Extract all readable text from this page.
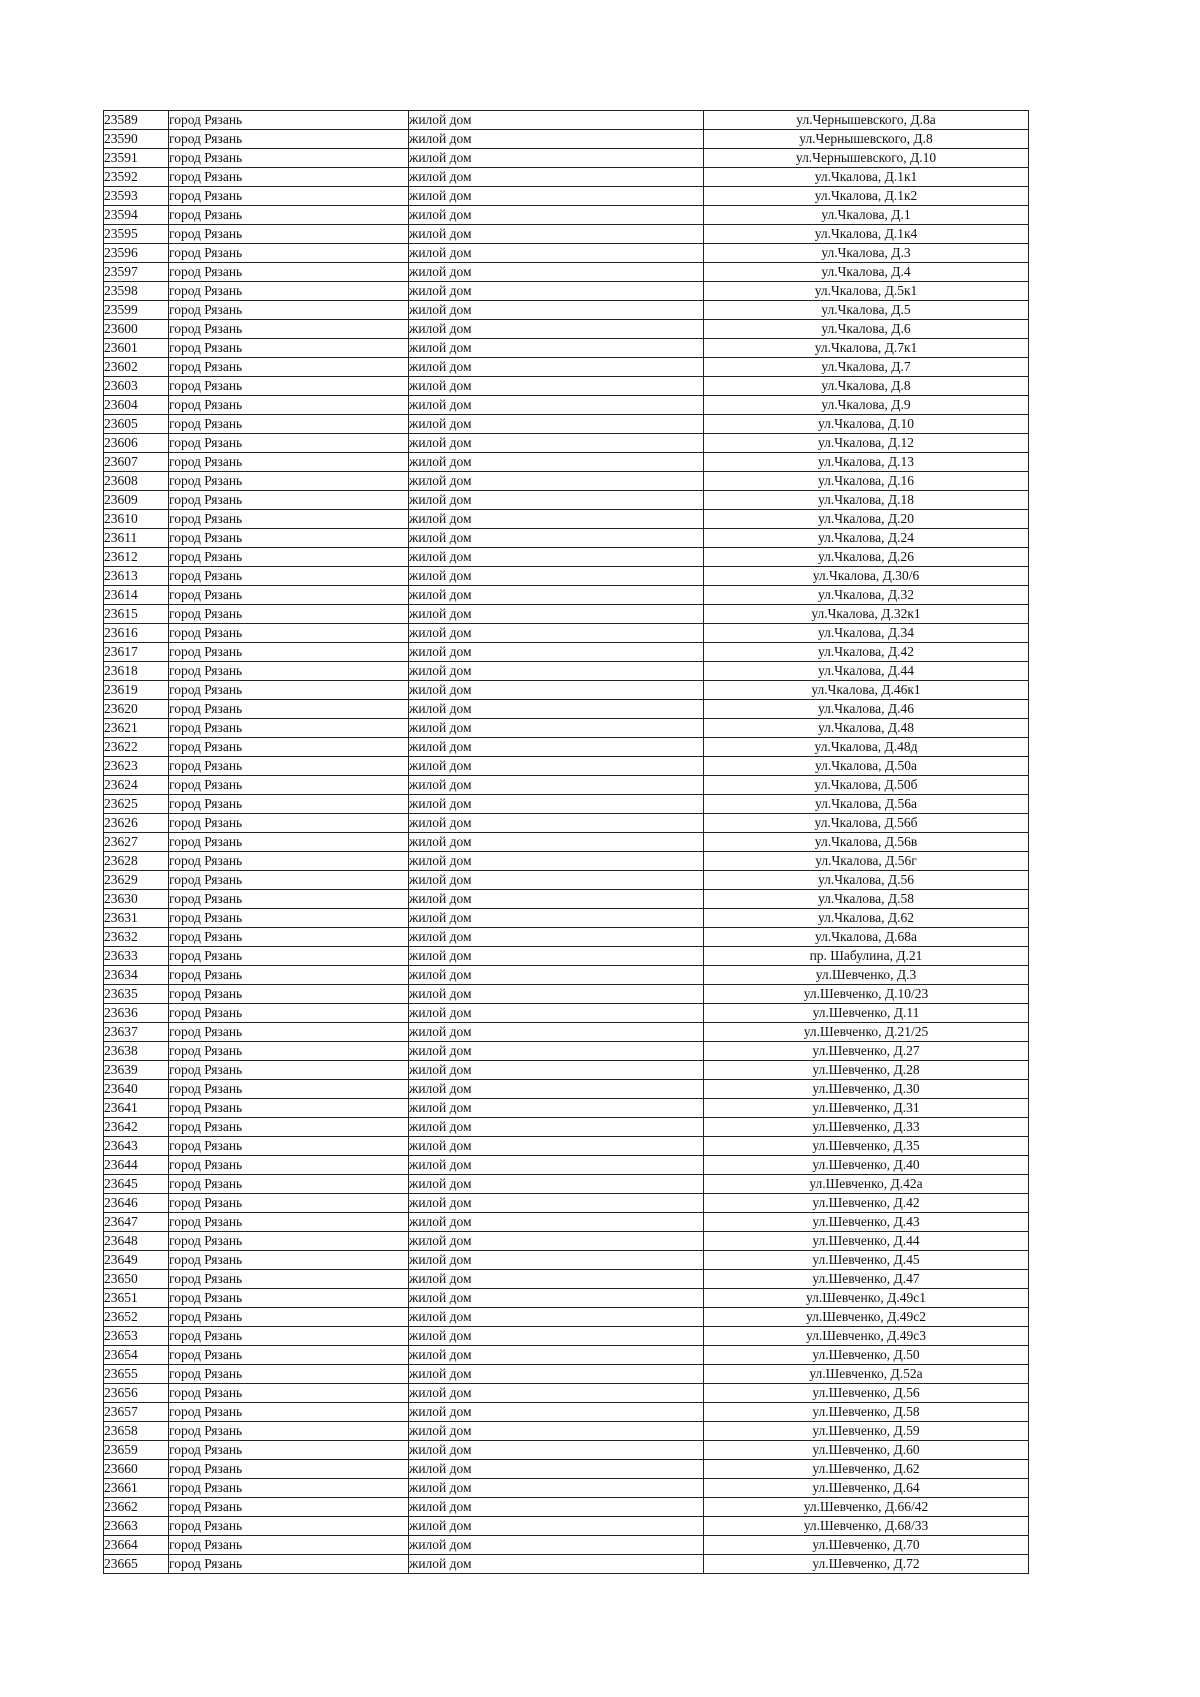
23589	город Рязань	жилой дом	ул.Чернышевского, Д.8а
23590	город Рязань	жилой дом	ул.Чернышевского, Д.8
23591	город Рязань	жилой дом	ул.Чернышевского, Д.10
23592	город Рязань	жилой дом	ул.Чкалова, Д.1к1
23593	город Рязань	жилой дом	ул.Чкалова, Д.1к2
23594	город Рязань	жилой дом	ул.Чкалова, Д.1
23595	город Рязань	жилой дом	ул.Чкалова, Д.1к4
23596	город Рязань	жилой дом	ул.Чкалова, Д.3
23597	город Рязань	жилой дом	ул.Чкалова, Д.4
23598	город Рязань	жилой дом	ул.Чкалова, Д.5к1
23599	город Рязань	жилой дом	ул.Чкалова, Д.5
23600	город Рязань	жилой дом	ул.Чкалова, Д.6
23601	город Рязань	жилой дом	ул.Чкалова, Д.7к1
23602	город Рязань	жилой дом	ул.Чкалова, Д.7
23603	город Рязань	жилой дом	ул.Чкалова, Д.8
23604	город Рязань	жилой дом	ул.Чкалова, Д.9
23605	город Рязань	жилой дом	ул.Чкалова, Д.10
23606	город Рязань	жилой дом	ул.Чкалова, Д.12
23607	город Рязань	жилой дом	ул.Чкалова, Д.13
23608	город Рязань	жилой дом	ул.Чкалова, Д.16
23609	город Рязань	жилой дом	ул.Чкалова, Д.18
23610	город Рязань	жилой дом	ул.Чкалова, Д.20
23611	город Рязань	жилой дом	ул.Чкалова, Д.24
23612	город Рязань	жилой дом	ул.Чкалова, Д.26
23613	город Рязань	жилой дом	ул.Чкалова, Д.30/6
23614	город Рязань	жилой дом	ул.Чкалова, Д.32
23615	город Рязань	жилой дом	ул.Чкалова, Д.32к1
23616	город Рязань	жилой дом	ул.Чкалова, Д.34
23617	город Рязань	жилой дом	ул.Чкалова, Д.42
23618	город Рязань	жилой дом	ул.Чкалова, Д.44
23619	город Рязань	жилой дом	ул.Чкалова, Д.46к1
23620	город Рязань	жилой дом	ул.Чкалова, Д.46
23621	город Рязань	жилой дом	ул.Чкалова, Д.48
23622	город Рязань	жилой дом	ул.Чкалова, Д.48д
23623	город Рязань	жилой дом	ул.Чкалова, Д.50а
23624	город Рязань	жилой дом	ул.Чкалова, Д.50б
23625	город Рязань	жилой дом	ул.Чкалова, Д.56а
23626	город Рязань	жилой дом	ул.Чкалова, Д.56б
23627	город Рязань	жилой дом	ул.Чкалова, Д.56в
23628	город Рязань	жилой дом	ул.Чкалова, Д.56г
23629	город Рязань	жилой дом	ул.Чкалова, Д.56
23630	город Рязань	жилой дом	ул.Чкалова, Д.58
23631	город Рязань	жилой дом	ул.Чкалова, Д.62
23632	город Рязань	жилой дом	ул.Чкалова, Д.68а
23633	город Рязань	жилой дом	пр. Шабулина, Д.21
23634	город Рязань	жилой дом	ул.Шевченко, Д.3
23635	город Рязань	жилой дом	ул.Шевченко, Д.10/23
23636	город Рязань	жилой дом	ул.Шевченко, Д.11
23637	город Рязань	жилой дом	ул.Шевченко, Д.21/25
23638	город Рязань	жилой дом	ул.Шевченко, Д.27
23639	город Рязань	жилой дом	ул.Шевченко, Д.28
23640	город Рязань	жилой дом	ул.Шевченко, Д.30
23641	город Рязань	жилой дом	ул.Шевченко, Д.31
23642	город Рязань	жилой дом	ул.Шевченко, Д.33
23643	город Рязань	жилой дом	ул.Шевченко, Д.35
23644	город Рязань	жилой дом	ул.Шевченко, Д.40
23645	город Рязань	жилой дом	ул.Шевченко, Д.42а
23646	город Рязань	жилой дом	ул.Шевченко, Д.42
23647	город Рязань	жилой дом	ул.Шевченко, Д.43
23648	город Рязань	жилой дом	ул.Шевченко, Д.44
23649	город Рязань	жилой дом	ул.Шевченко, Д.45
23650	город Рязань	жилой дом	ул.Шевченко, Д.47
23651	город Рязань	жилой дом	ул.Шевченко, Д.49с1
23652	город Рязань	жилой дом	ул.Шевченко, Д.49с2
23653	город Рязань	жилой дом	ул.Шевченко, Д.49с3
23654	город Рязань	жилой дом	ул.Шевченко, Д.50
23655	город Рязань	жилой дом	ул.Шевченко, Д.52а
23656	город Рязань	жилой дом	ул.Шевченко, Д.56
23657	город Рязань	жилой дом	ул.Шевченко, Д.58
23658	город Рязань	жилой дом	ул.Шевченко, Д.59
23659	город Рязань	жилой дом	ул.Шевченко, Д.60
23660	город Рязань	жилой дом	ул.Шевченко, Д.62
23661	город Рязань	жилой дом	ул.Шевченко, Д.64
23662	город Рязань	жилой дом	ул.Шевченко, Д.66/42
23663	город Рязань	жилой дом	ул.Шевченко, Д.68/33
23664	город Рязань	жилой дом	ул.Шевченко, Д.70
23665	город Рязань	жилой дом	ул.Шевченко, Д.72
